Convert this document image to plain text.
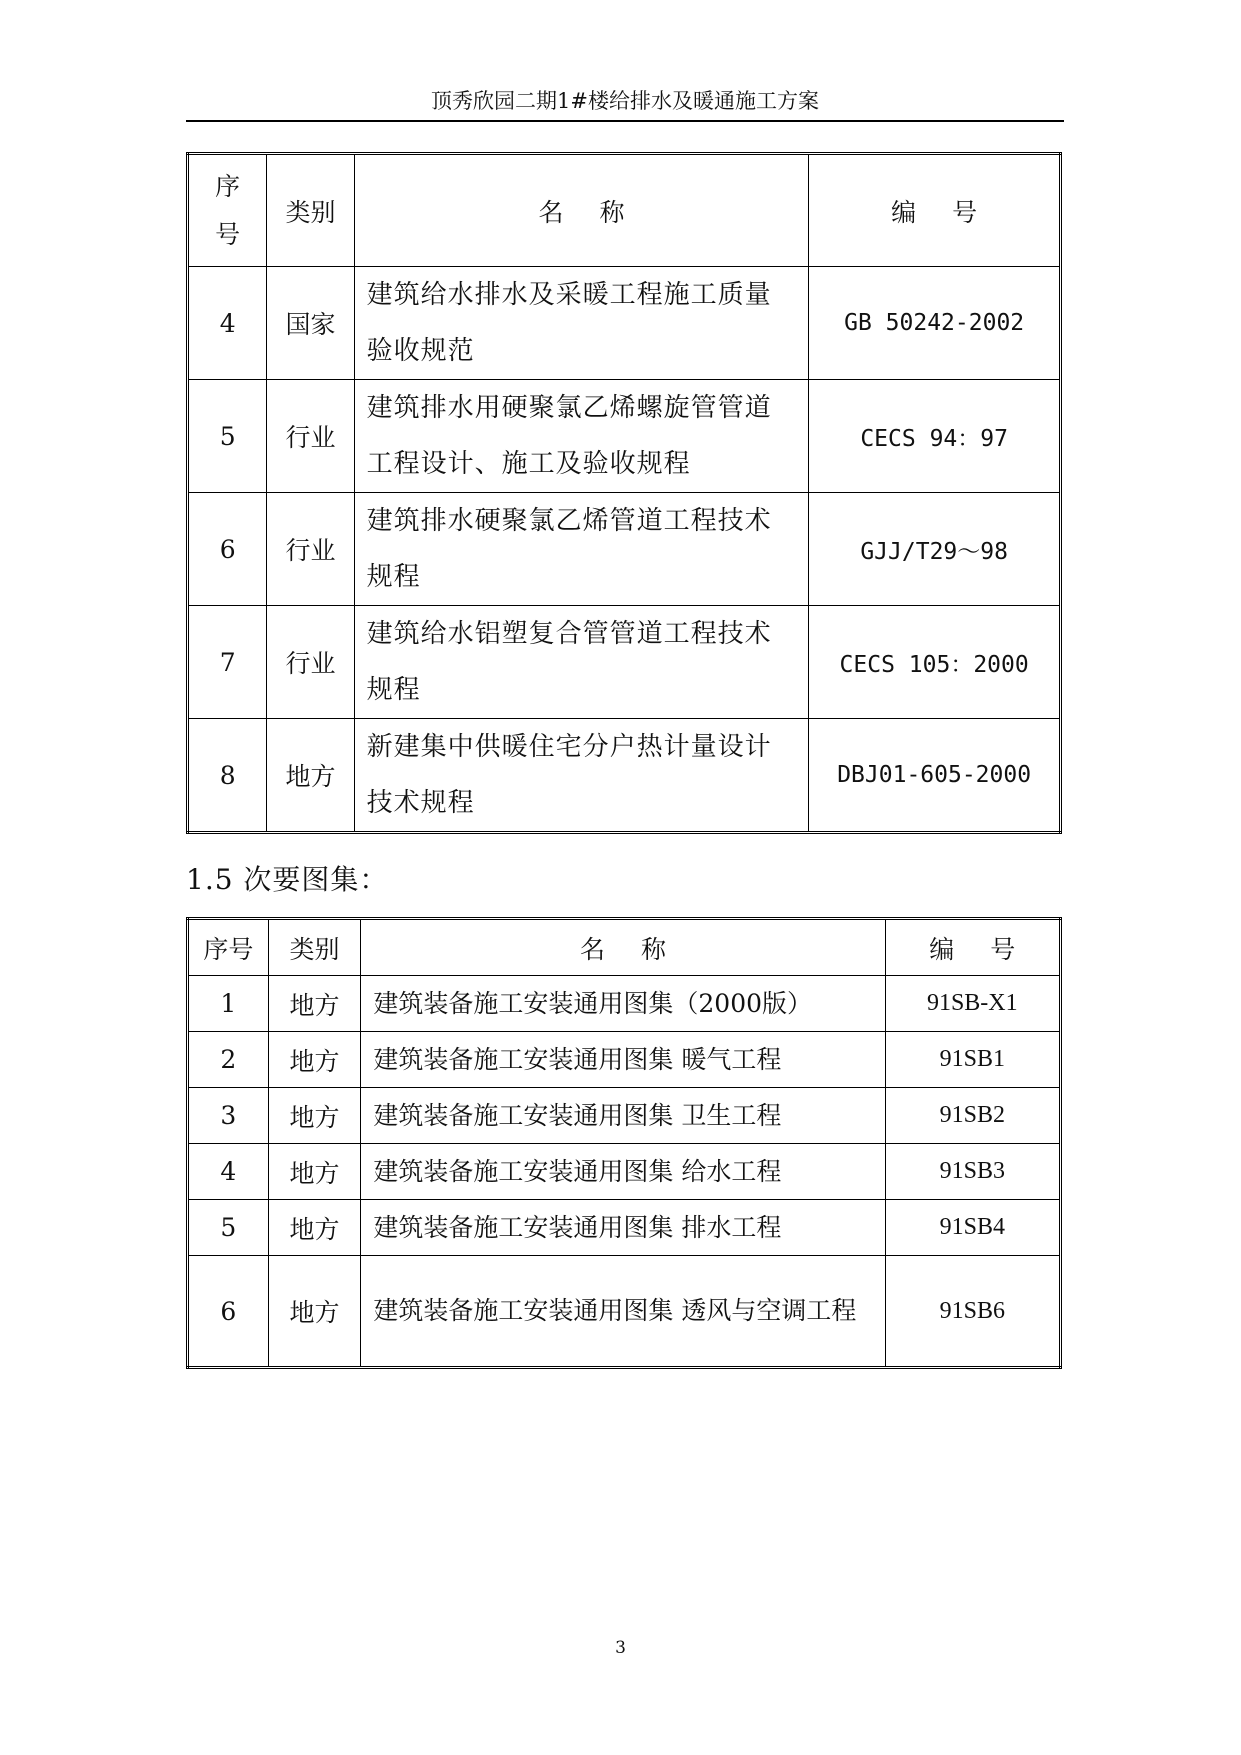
顶秀欣园二期1#楼给排水及暖通施工方案
序号	类别	名称	编号
4	国家	建筑给水排水及采暖工程施工质量验收规范	GB 50242-2002
5	行业	建筑排水用硬聚氯乙烯螺旋管管道工程设计、施工及验收规程	CECS 94：97
6	行业	建筑排水硬聚氯乙烯管道工程技术规程	GJJ/T29～98
7	行业	建筑给水铝塑复合管管道工程技术规程	CECS 105：2000
8	地方	新建集中供暖住宅分户热计量设计技术规程	DBJ01-605-2000
1.5 次要图集：
序号	类别	名称	编号
1	地方	建筑装备施工安装通用图集（2000版）	91SB-X1
2	地方	建筑装备施工安装通用图集 暖气工程	91SB1
3	地方	建筑装备施工安装通用图集 卫生工程	91SB2
4	地方	建筑装备施工安装通用图集 给水工程	91SB3
5	地方	建筑装备施工安装通用图集 排水工程	91SB4
6	地方	建筑装备施工安装通用图集 透风与空调工程	91SB6
3
